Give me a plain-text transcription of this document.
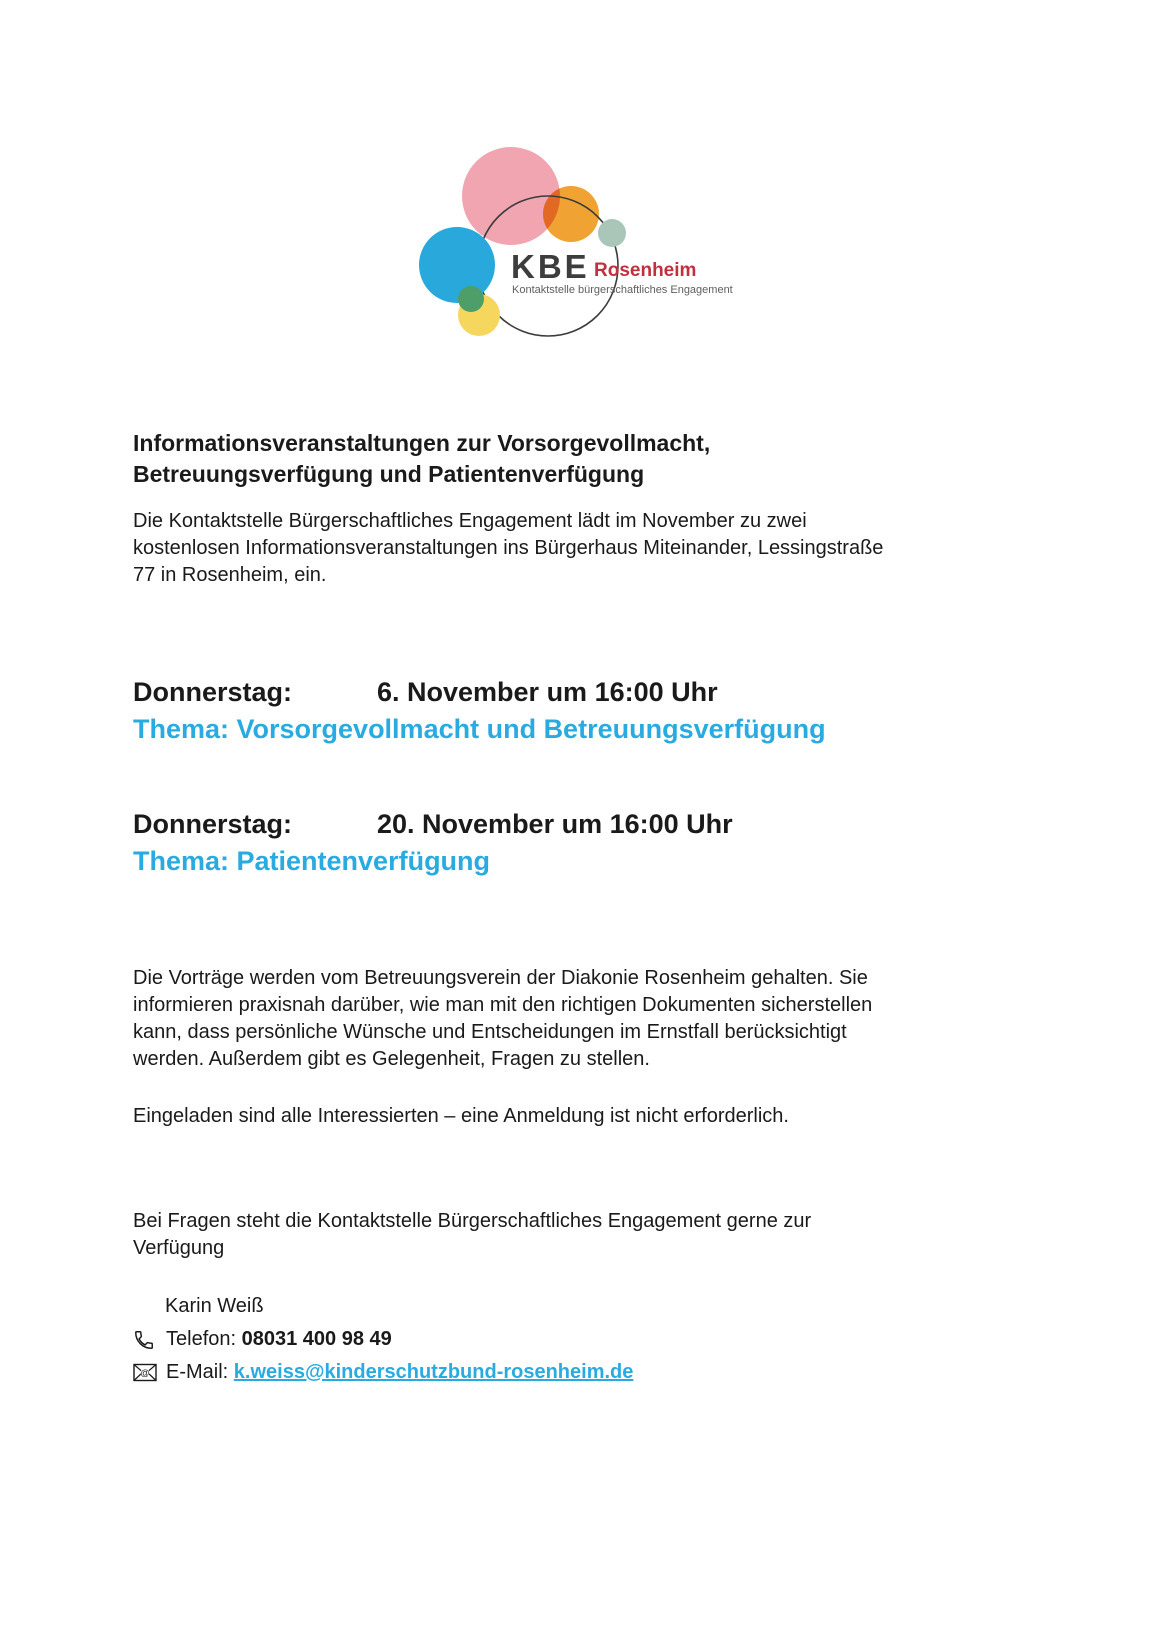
KBE Rosenheim
Kontaktstelle bürgerschaftliches Engagement
Informationsveranstaltungen zur Vorsorgevollmacht,
Betreuungsverfügung und Patientenverfügung
Die Kontaktstelle Bürgerschaftliches Engagement lädt im November zu zwei
kostenlosen Informationsveranstaltungen ins Bürgerhaus Miteinander, Lessingstraße
77 in Rosenheim, ein.
Donnerstag:	6. November um 16:00 Uhr
Thema: Vorsorgevollmacht und Betreuungsverfügung
Donnerstag:	20. November um 16:00 Uhr
Thema: Patientenverfügung
Die Vorträge werden vom Betreuungsverein der Diakonie Rosenheim gehalten. Sie
informieren praxisnah darüber, wie man mit den richtigen Dokumenten sicherstellen
kann, dass persönliche Wünsche und Entscheidungen im Ernstfall berücksichtigt
werden. Außerdem gibt es Gelegenheit, Fragen zu stellen.
Eingeladen sind alle Interessierten – eine Anmeldung ist nicht erforderlich.
Bei Fragen steht die Kontaktstelle Bürgerschaftliches Engagement gerne zur
Verfügung
Karin Weiß
Telefon:
08031 400 98 49
@ E-Mail:
k.weiss@kinderschutzbund-rosenheim.de
